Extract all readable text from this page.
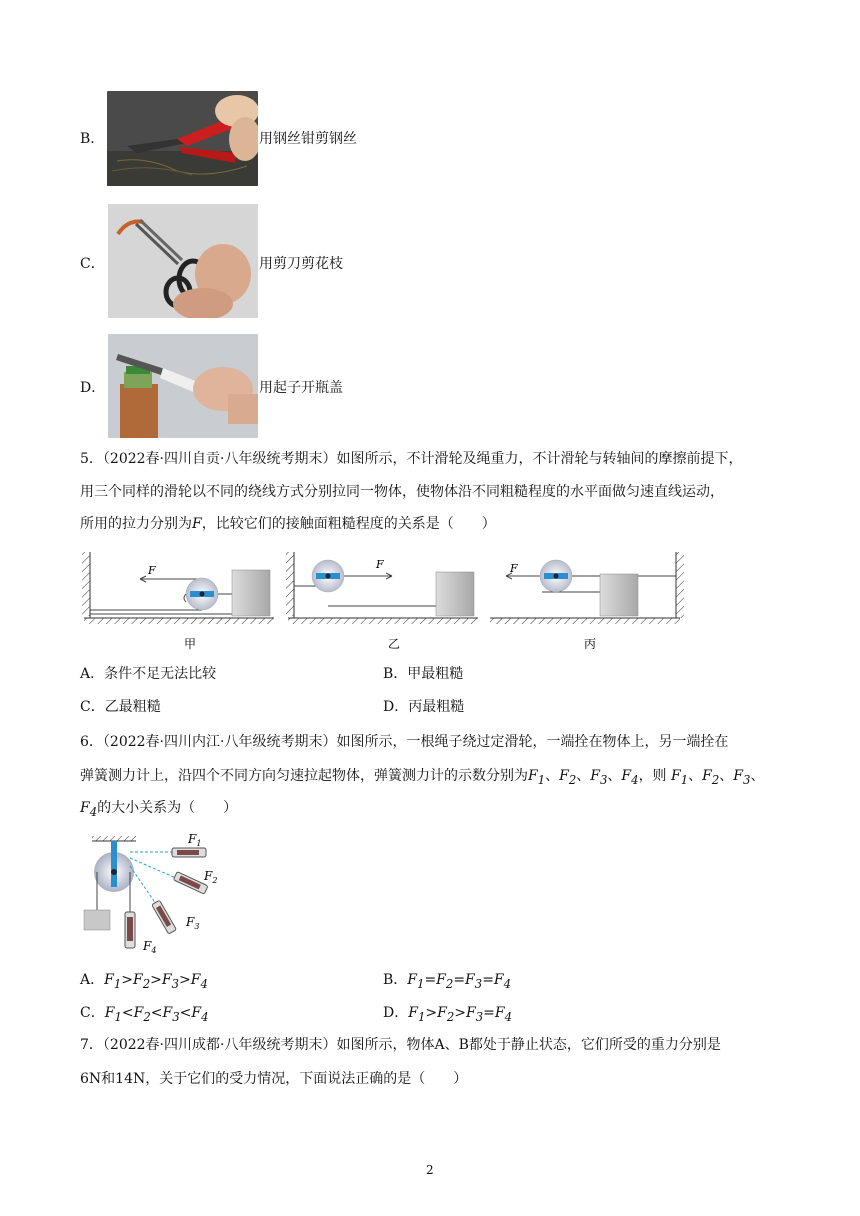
B．	用钢丝钳剪钢丝
C．	用剪刀剪花枝
D．	用起子开瓶盖
5．（2022春·四川自贡·八年级统考期末）如图所示，不计滑轮及绳重力，不计滑轮与转轴间的摩擦前提下，
用三个同样的滑轮以不同的绕线方式分别拉同一物体，使物体沿不同粗糙程度的水平面做匀速直线运动，
所用的拉力分别为F，比较它们的接触面粗糙程度的关系是（　　）
F
甲
F
乙
F
丙
A．条件不足无法比较	B．甲最粗糙
C．乙最粗糙	D．丙最粗糙
6．（2022春·四川内江·八年级统考期末）如图所示，一根绳子绕过定滑轮，一端拴在物体上，另一端拴在
弹簧测力计上，沿四个不同方向匀速拉起物体，弹簧测力计的示数分别为$F_1$、$F_2$、$F_3$、$F_4$，则 $F_1$、$F_2$、$F_3$、
$F_4$的大小关系为（　　）
$F_1$
$F_2$
$F_3$
$F_4$
A．$F_1>F_2>F_3>F_4$	B．$F_1=F_2=F_3=F_4$
C．$F_1<F_2<F_3<F_4$	D．$F_1>F_2>F_3=F_4$
7．（2022春·四川成都·八年级统考期末）如图所示，物体A、B都处于静止状态，它们所受的重力分别是
6N和14N，关于它们的受力情况，下面说法正确的是（　　）
2
